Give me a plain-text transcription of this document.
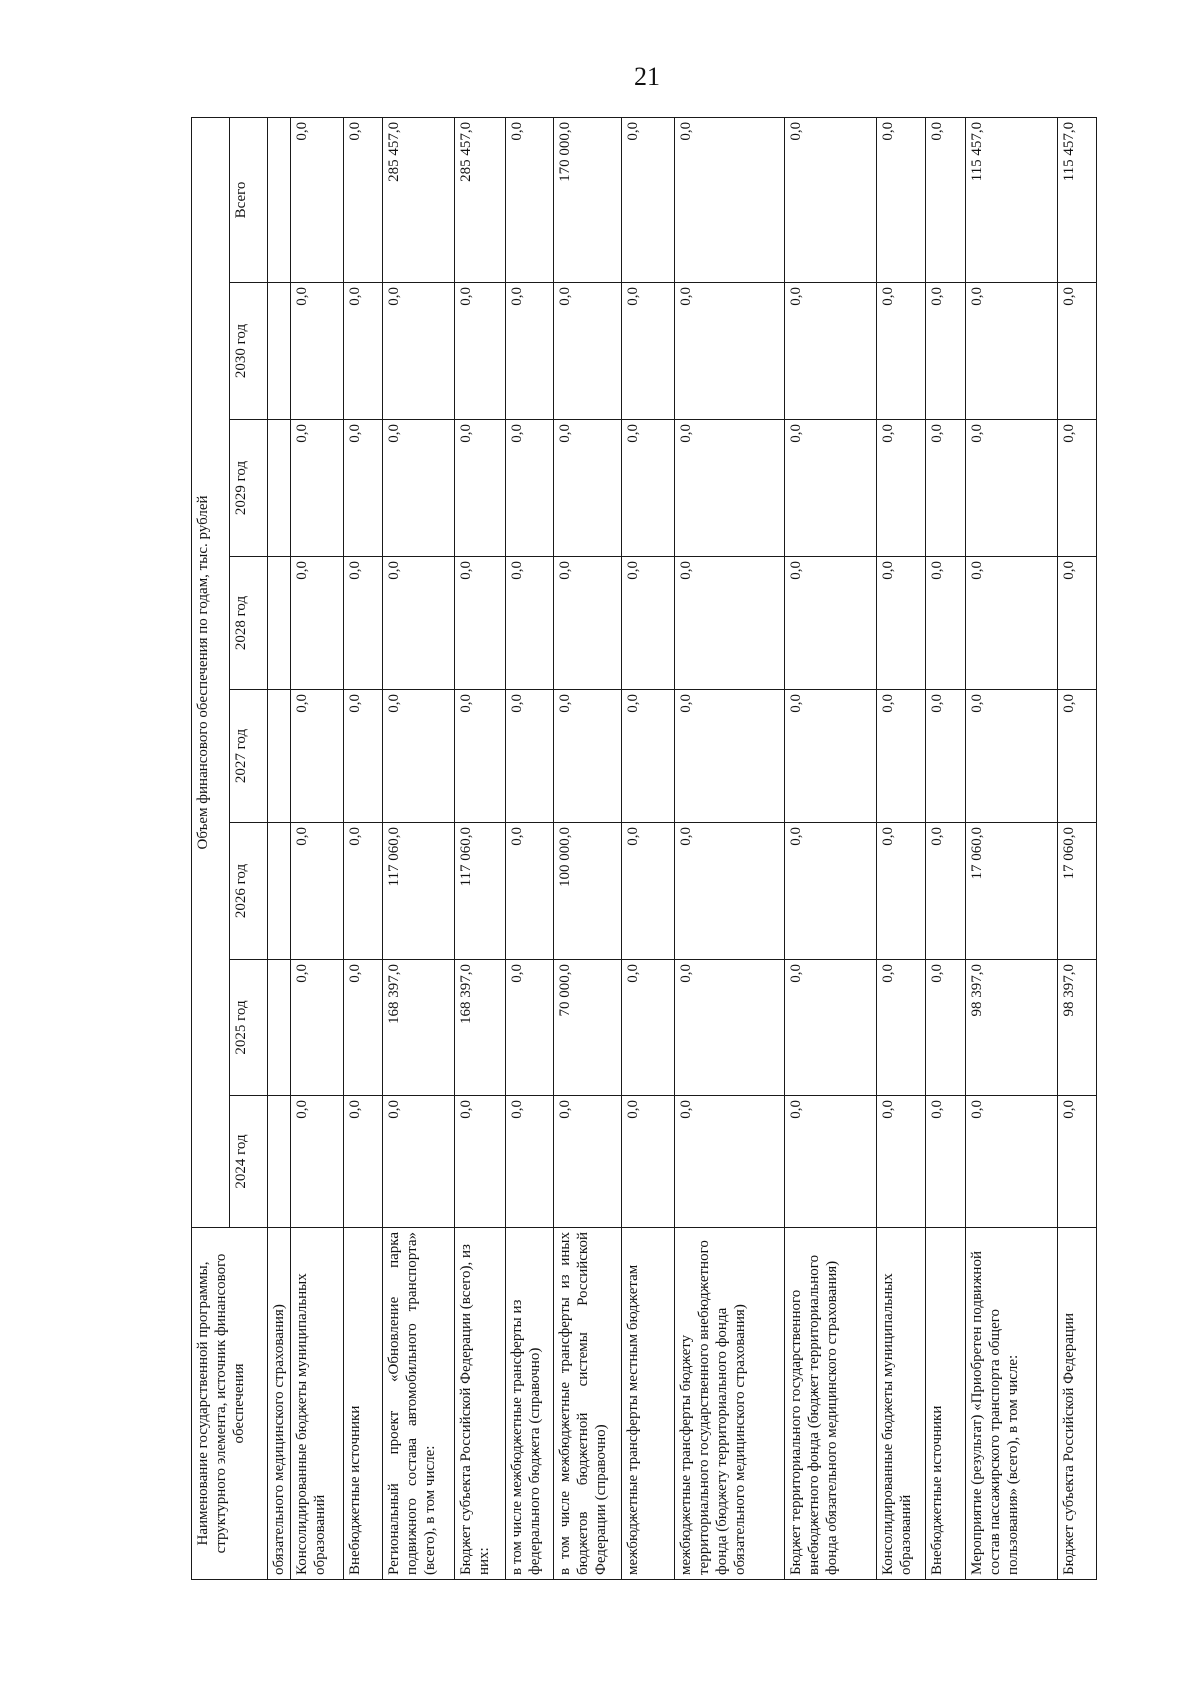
21
Наименование государственной программы, структурного элемента, источник финансового обеспечения	Объем финансового обеспечения по годам, тыс. рублей							
	2024 год	2025 год	2026 год	2027 год	2028 год	2029 год	2030 год	Всего
обязательного медицинского страхования)								
Консолидированные бюджеты муниципальных образований	0,0	0,0	0,0	0,0	0,0	0,0	0,0	0,0
Внебюджетные источники	0,0	0,0	0,0	0,0	0,0	0,0	0,0	0,0
Региональный проект «Обновление парка подвижного состава автомобильного транспорта» (всего), в том числе:	0,0	168 397,0	117 060,0	0,0	0,0	0,0	0,0	285 457,0
Бюджет субъекта Российской Федерации (всего), из них:	0,0	168 397,0	117 060,0	0,0	0,0	0,0	0,0	285 457,0
в том числе межбюджетные трансферты из федерального бюджета (справочно)	0,0	0,0	0,0	0,0	0,0	0,0	0,0	0,0
в том числе межбюджетные трансферты из иных бюджетов бюджетной системы Российской Федерации (справочно)	0,0	70 000,0	100 000,0	0,0	0,0	0,0	0,0	170 000,0
межбюджетные трансферты местным бюджетам	0,0	0,0	0,0	0,0	0,0	0,0	0,0	0,0
межбюджетные трансферты бюджету территориального государственного внебюджетного фонда (бюджету территориального фонда обязательного медицинского страхования)	0,0	0,0	0,0	0,0	0,0	0,0	0,0	0,0
Бюджет территориального государственного внебюджетного фонда (бюджет территориального фонда обязательного медицинского страхования)	0,0	0,0	0,0	0,0	0,0	0,0	0,0	0,0
Консолидированные бюджеты муниципальных образований	0,0	0,0	0,0	0,0	0,0	0,0	0,0	0,0
Внебюджетные источники	0,0	0,0	0,0	0,0	0,0	0,0	0,0	0,0
Мероприятие (результат) «Приобретен подвижной состав пассажирского транспорта общего пользования» (всего), в том числе:	0,0	98 397,0	17 060,0	0,0	0,0	0,0	0,0	115 457,0
Бюджет субъекта Российской Федерации	0,0	98 397,0	17 060,0	0,0	0,0	0,0	0,0	115 457,0
